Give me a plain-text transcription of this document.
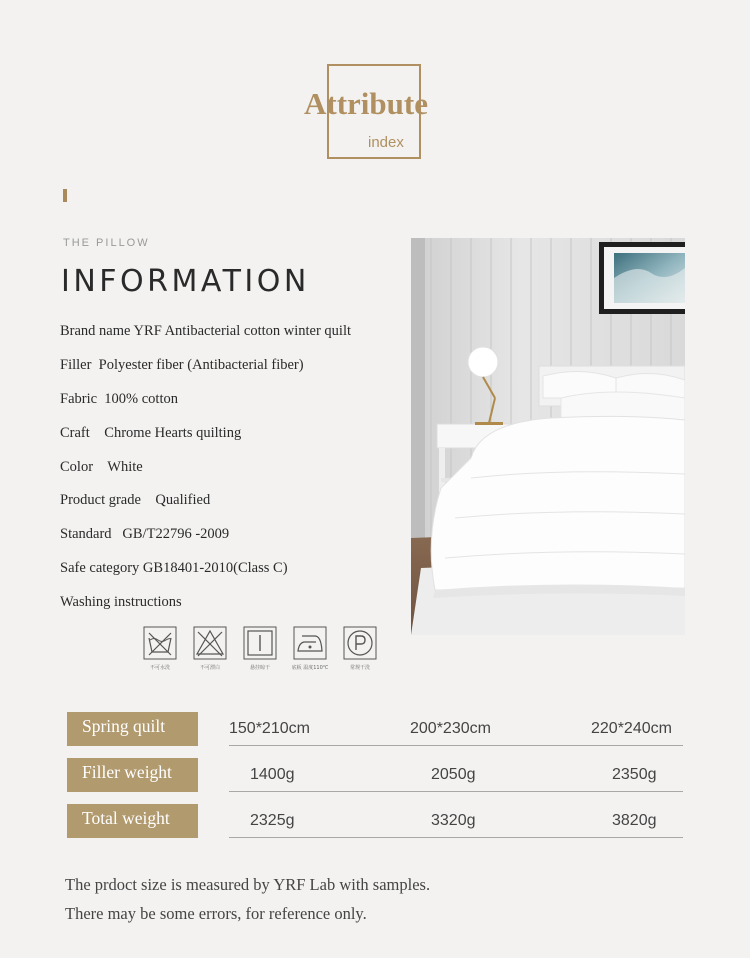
Attribute
index
THE PILLOW
INFORMATION
Brand name YRF Antibacterial cotton winter quilt
Filler  Polyester fiber (Antibacterial fiber)
Fabric  100% cotton
Craft    Chrome Hearts quilting
Color    White
Product grade    Qualified
Standard   GB/T22796 -2009
Safe category GB18401-2010(Class C)
Washing instructions
不可水洗	不可漂白	悬挂晾干	底板 温度110℃	常规干洗
Spring quilt	150*210cm	200*230cm	220*240cm
Filler weight	1400g	2050g	2350g
Total weight	2325g	3320g	3820g
The prdoct size is measured by YRF Lab with samples.
There may be some errors, for reference only.
